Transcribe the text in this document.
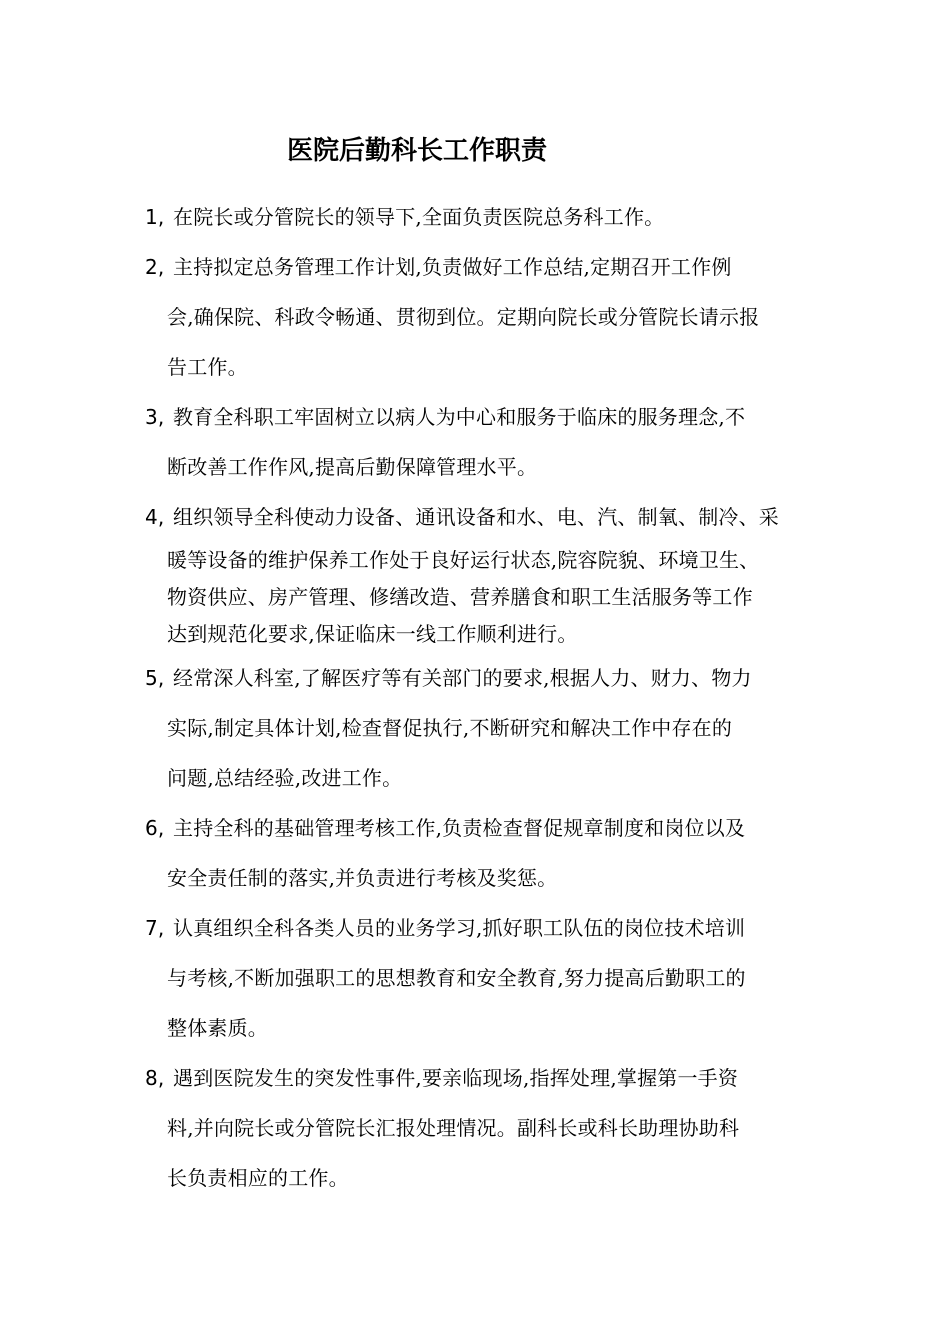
医院后勤科长工作职责
1, 在院长或分管院长的领导下,全面负责医院总务科工作。
2, 主持拟定总务管理工作计划,负责做好工作总结,定期召开工作例
会,确保院、科政令畅通、贯彻到位。定期向院长或分管院长请示报
告工作。
3, 教育全科职工牢固树立以病人为中心和服务于临床的服务理念,不
断改善工作作风,提高后勤保障管理水平。
4, 组织领导全科使动力设备、通讯设备和水、电、汽、制氧、制冷、采
暖等设备的维护保养工作处于良好运行状态,院容院貌、环境卫生、
物资供应、房产管理、修缮改造、营养膳食和职工生活服务等工作
达到规范化要求,保证临床一线工作顺利进行。
5, 经常深人科室,了解医疗等有关部门的要求,根据人力、财力、物力
实际,制定具体计划,检查督促执行,不断研究和解决工作中存在的
问题,总结经验,改进工作。
6, 主持全科的基础管理考核工作,负责检查督促规章制度和岗位以及
安全责任制的落实,并负责进行考核及奖惩。
7, 认真组织全科各类人员的业务学习,抓好职工队伍的岗位技术培训
与考核,不断加强职工的思想教育和安全教育,努力提高后勤职工的
整体素质。
8, 遇到医院发生的突发性事件,要亲临现场,指挥处理,掌握第一手资
料,并向院长或分管院长汇报处理情况。副科长或科长助理协助科
长负责相应的工作。
